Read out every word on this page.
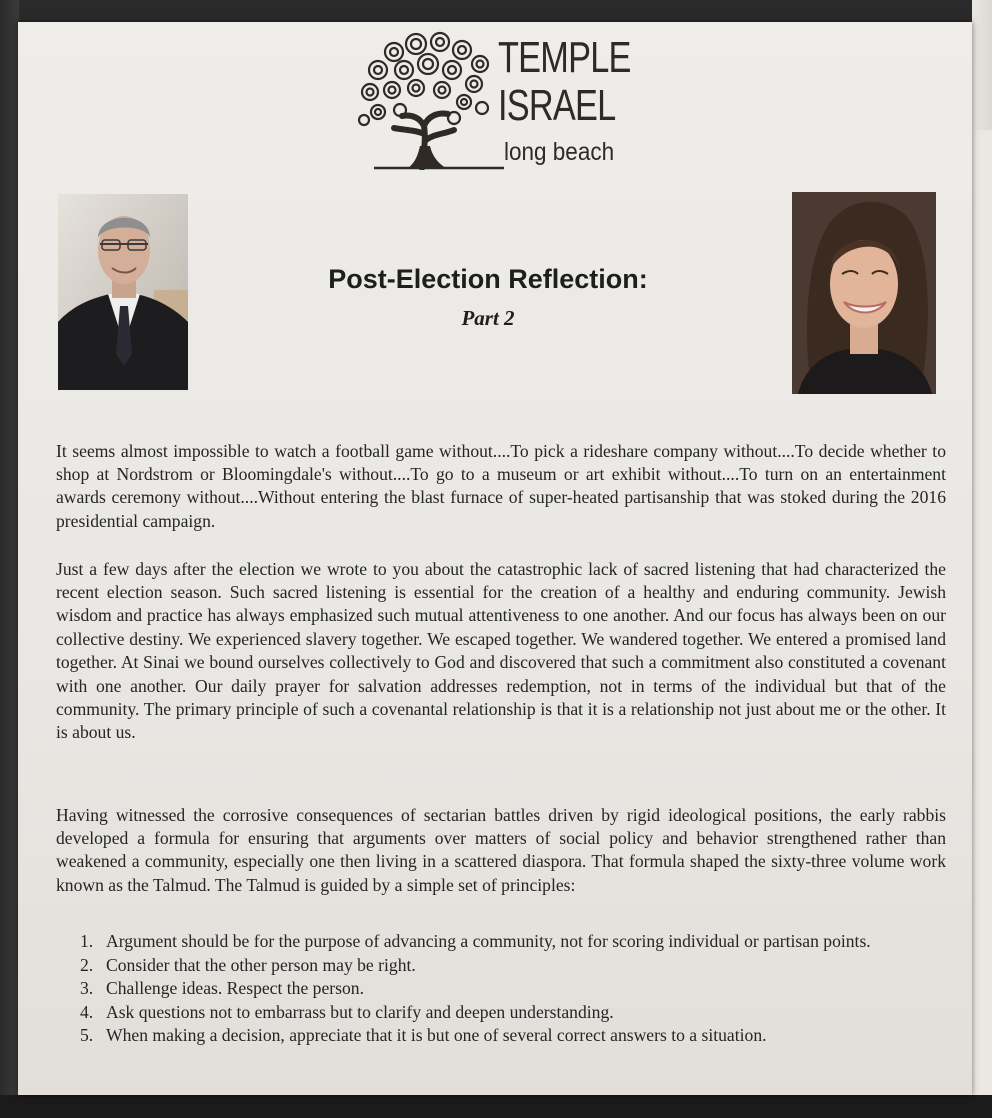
TEMPLE
ISRAEL
long beach
Post-Election Reflection:
Part 2

It seems almost impossible to watch a football game without....To pick a rideshare company without....To decide whether to shop at Nordstrom or Bloomingdale's without....To go to a museum or art exhibit without....To turn on an entertainment awards ceremony without....Without entering the blast furnace of super-heated partisanship that was stoked during the 2016 presidential campaign.

Just a few days after the election we wrote to you about the catastrophic lack of sacred listening that had characterized the recent election season. Such sacred listening is essential for the creation of a healthy and enduring community. Jewish wisdom and practice has always emphasized such mutual attentiveness to one another. And our focus has always been on our collective destiny. We experienced slavery together. We escaped together. We wandered together. We entered a promised land together. At Sinai we bound ourselves collectively to God and discovered that such a commitment also constituted a covenant with one another. Our daily prayer for salvation addresses redemption, not in terms of the individual but that of the community. The primary principle of such a covenantal relationship is that it is a relationship not just about me or the other. It is about us.

Having witnessed the corrosive consequences of sectarian battles driven by rigid ideological positions, the early rabbis developed a formula for ensuring that arguments over matters of social policy and behavior strengthened rather than weakened a community, especially one then living in a scattered diaspora. That formula shaped the sixty-three volume work known as the Talmud. The Talmud is guided by a simple set of principles:

1. Argument should be for the purpose of advancing a community, not for scoring individual or partisan points.
2. Consider that the other person may be right.
3. Challenge ideas. Respect the person.
4. Ask questions not to embarrass but to clarify and deepen understanding.
5. When making a decision, appreciate that it is but one of several correct answers to a situation.
